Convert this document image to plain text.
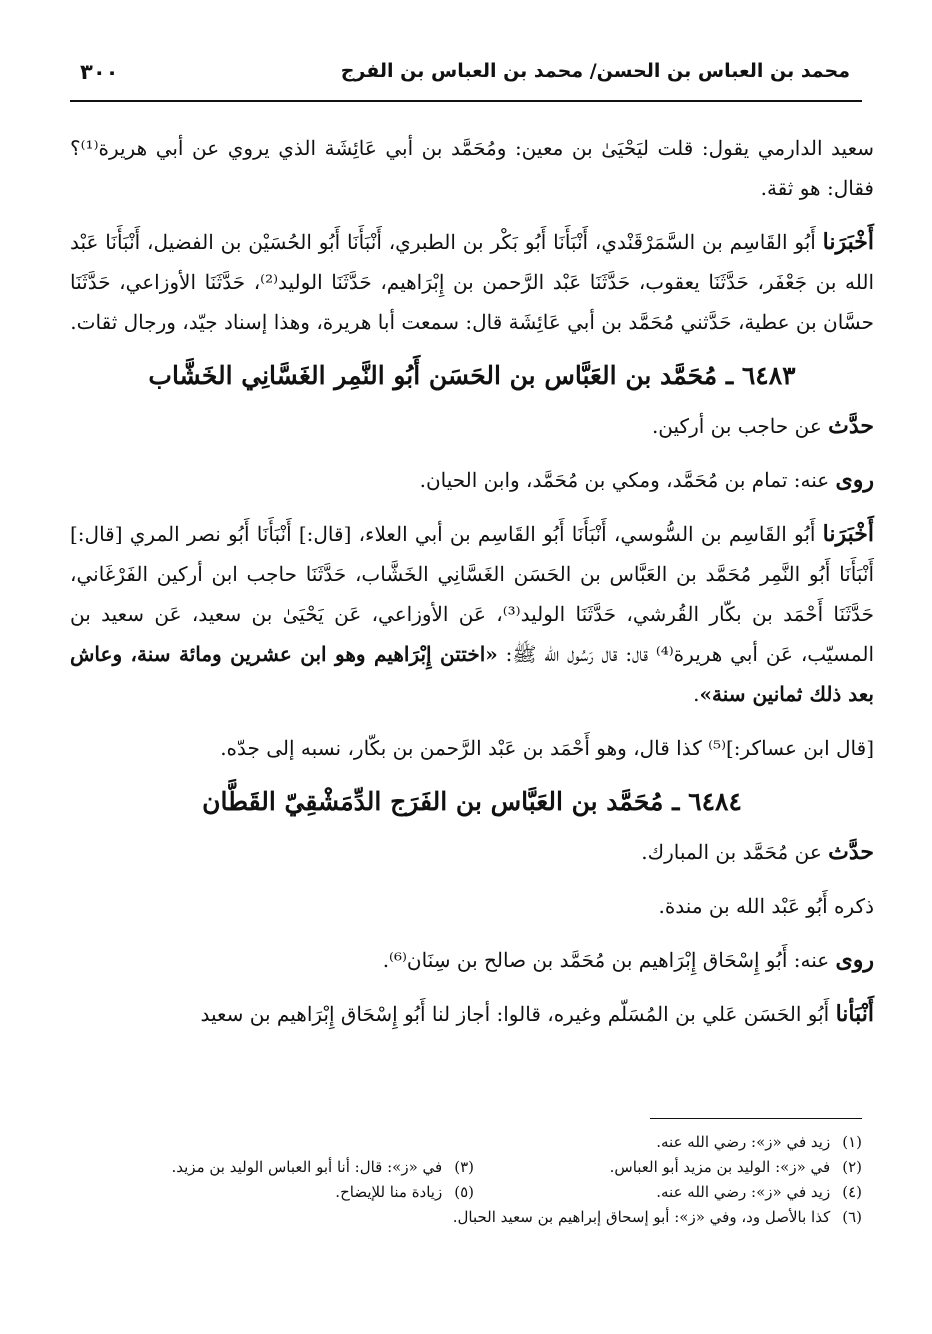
محمد بن العباس بن الحسن/ محمد بن العباس بن الفرج
٣٠٠
سعيد الدارمي يقول: قلت ليَحْيَىٰ بن معين: ومُحَمَّد بن أبي عَائِشَة الذي يروي عن أبي هريرة⁽¹⁾؟ فقال: هو ثقة.
أَخْبَرَنا أَبُو القَاسِم بن السَّمَرْقَنْدي، أَنْبَأَنَا أَبُو بَكْر بن الطبري، أَنْبَأَنَا أَبُو الحُسَيْن بن الفضيل، أَنْبَأَنَا عَبْد الله بن جَعْفَر، حَدَّثَنَا يعقوب، حَدَّثَنَا عَبْد الرَّحمن بن إِبْرَاهيم، حَدَّثَنَا الوليد⁽²⁾، حَدَّثَنَا الأوزاعي، حَدَّثَنَا حسَّان بن عطية، حَدَّثني مُحَمَّد بن أبي عَائِشَة قال: سمعت أبا هريرة، وهذا إسناد جيّد، ورجال ثقات.
٦٤٨٣ ـ مُحَمَّد بن العَبَّاس بن الحَسَن أَبُو النَّمِر الغَسَّانِي الخَشَّاب
حدَّث عن حاجب بن أركين.
روى عنه: تمام بن مُحَمَّد، ومكي بن مُحَمَّد، وابن الحيان.
أَخْبَرَنا أَبُو القَاسِم بن السُّوسي، أَنْبَأَنَا أَبُو القَاسِم بن أبي العلاء، [قال:] أَنْبَأَنَا أَبُو نصر المري [قال:] أَنْبَأَنَا أَبُو النَّمِر مُحَمَّد بن العَبَّاس بن الحَسَن الغَسَّانِي الخَشَّاب، حَدَّثَنَا حاجب ابن أركين الفَرْغَاني، حَدَّثَنَا أَحْمَد بن بكّار القُرشي، حَدَّثَنَا الوليد⁽³⁾، عَن الأوزاعي، عَن يَحْيَىٰ بن سعيد، عَن سعيد بن المسيّب، عَن أبي هريرة⁽⁴⁾ قال: قال رَسُول الله ﷺ: «اختتن إِبْرَاهيم وهو ابن عشرين ومائة سنة، وعاش بعد ذلك ثمانين سنة».
[قال ابن عساكر:]⁽⁵⁾ كذا قال، وهو أَحْمَد بن عَبْد الرَّحمن بن بكّار، نسبه إلى جدّه.
٦٤٨٤ ـ مُحَمَّد بن العَبَّاس بن الفَرَج الدِّمَشْقِيّ القَطَّان
حدَّث عن مُحَمَّد بن المبارك.
ذكره أَبُو عَبْد الله بن مندة.
روى عنه: أَبُو إِسْحَاق إِبْرَاهيم بن مُحَمَّد بن صالح بن سِنَان⁽⁶⁾.
أَنْبَأنا أَبُو الحَسَن عَلي بن المُسَلّم وغيره، قالوا: أجاز لنا أَبُو إِسْحَاق إِبْرَاهيم بن سعيد
(١)زيد في «ز»: رضي الله عنه.
(٢)في «ز»: الوليد بن مزيد أبو العباس.
(٣)في «ز»: قال: أنا أبو العباس الوليد بن مزيد.
(٤)زيد في «ز»: رضي الله عنه.
(٥)زيادة منا للإيضاح.
(٦)كذا بالأصل ود، وفي «ز»: أبو إسحاق إبراهيم بن سعيد الحبال.
